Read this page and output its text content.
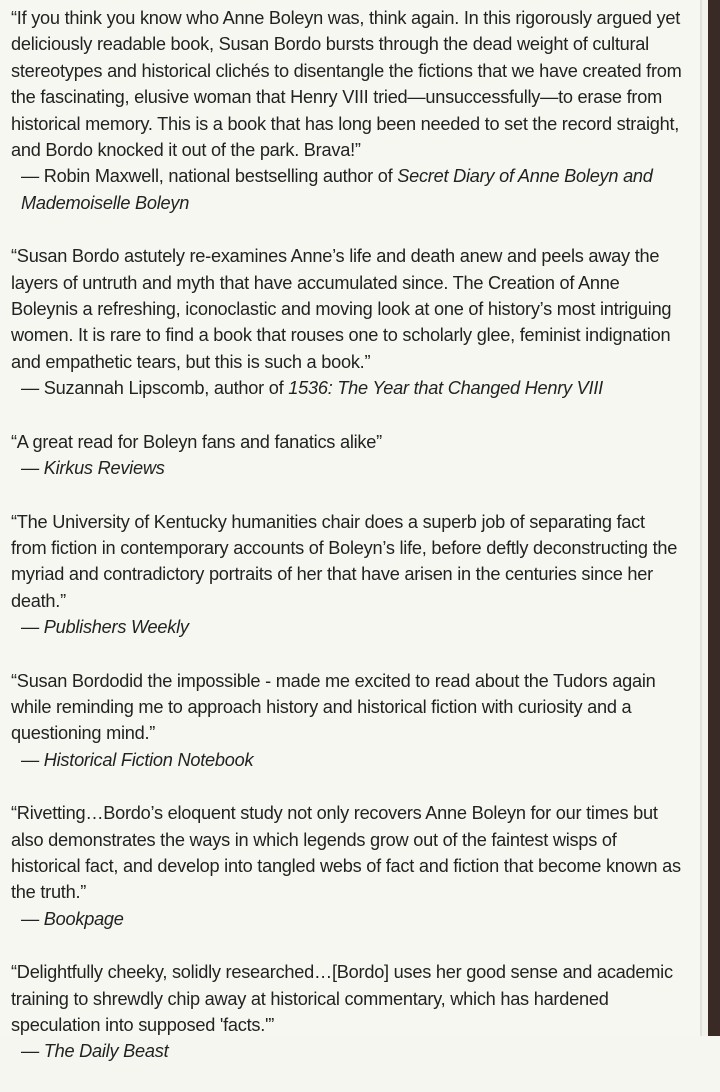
“If you think you know who Anne Boleyn was, think again. In this rigorously argued yet deliciously readable book, Susan Bordo bursts through the dead weight of cultural stereotypes and historical clichés to disentangle the fictions that we have created from the fascinating, elusive woman that Henry VIII tried—unsuccessfully—to erase from historical memory. This is a book that has long been needed to set the record straight, and Bordo knocked it out of the park. Brava!”

— Robin Maxwell, national bestselling author of Secret Diary of Anne Boleyn and Mademoiselle Boleyn

“Susan Bordo astutely re-examines Anne’s life and death anew and peels away the layers of untruth and myth that have accumulated since. The Creation of Anne Boleynis a refreshing, iconoclastic and moving look at one of history’s most intriguing women. It is rare to find a book that rouses one to scholarly glee, feminist indignation and empathetic tears, but this is such a book.”

— Suzannah Lipscomb, author of 1536: The Year that Changed Henry VIII

“A great read for Boleyn fans and fanatics alike”

— Kirkus Reviews

“The University of Kentucky humanities chair does a superb job of separating fact from fiction in contemporary accounts of Boleyn’s life, before deftly deconstructing the myriad and contradictory portraits of her that have arisen in the centuries since her death.”

— Publishers Weekly

“Susan Bordodid the impossible - made me excited to read about the Tudors again while reminding me to approach history and historical fiction with curiosity and a questioning mind.”

— Historical Fiction Notebook

“Rivetting…Bordo’s eloquent study not only recovers Anne Boleyn for our times but also demonstrates the ways in which legends grow out of the faintest wisps of historical fact, and develop into tangled webs of fact and fiction that become known as the truth.”

— Bookpage

“Delightfully cheeky, solidly researched…[Bordo] uses her good sense and academic training to shrewdly chip away at historical commentary, which has hardened speculation into supposed 'facts.'”

— The Daily Beast
